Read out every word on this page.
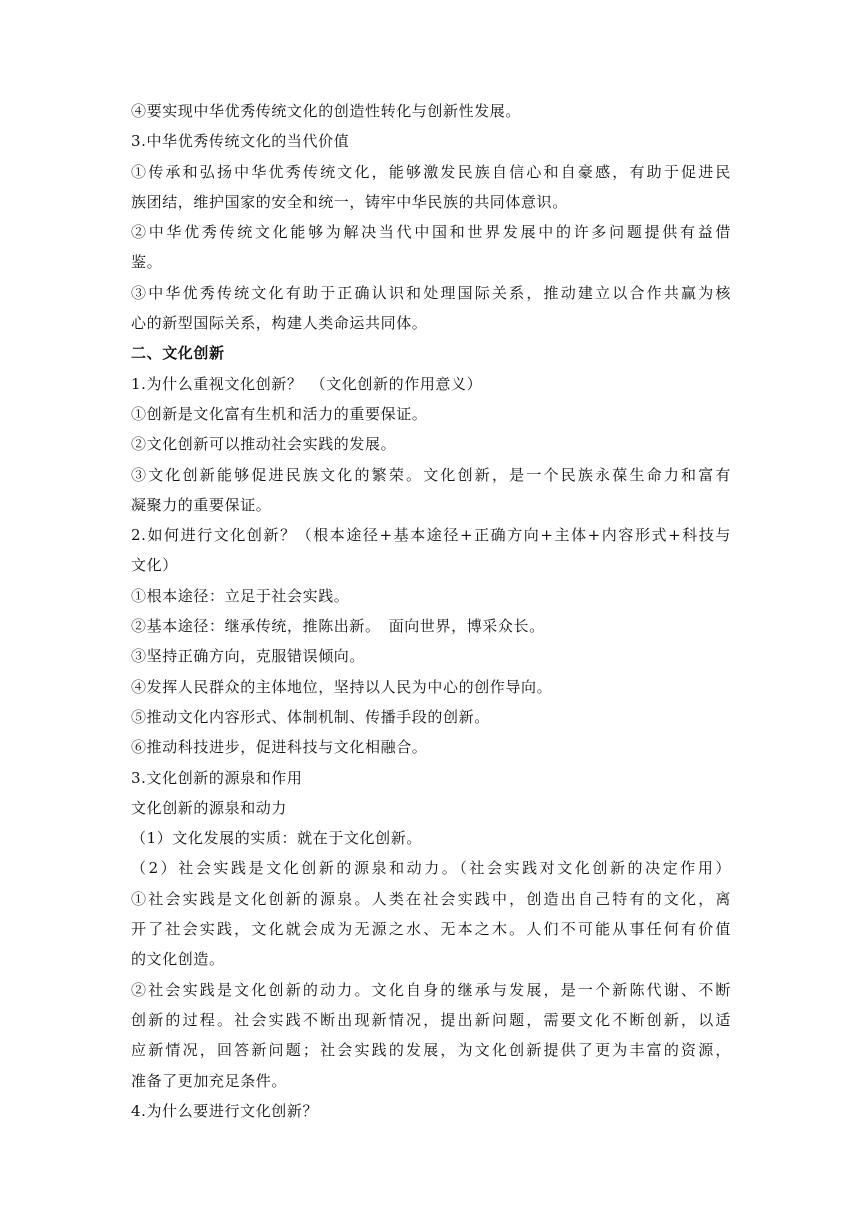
④要实现中华优秀传统文化的创造性转化与创新性发展。
3.中华优秀传统文化的当代价值
①传承和弘扬中华优秀传统文化，能够激发民族自信心和自豪感，有助于促进民
族团结，维护国家的安全和统一，铸牢中华民族的共同体意识。
②中华优秀传统文化能够为解决当代中国和世界发展中的许多问题提供有益借
鉴。
③中华优秀传统文化有助于正确认识和处理国际关系，推动建立以合作共赢为核
心的新型国际关系，构建人类命运共同体。
二、文化创新
1.为什么重视文化创新？　（文化创新的作用意义）
①创新是文化富有生机和活力的重要保证。
②文化创新可以推动社会实践的发展。
③文化创新能够促进民族文化的繁荣。文化创新，是一个民族永葆生命力和富有
凝聚力的重要保证。
2.如何进行文化创新？（根本途径+基本途径+正确方向+主体+内容形式+科技与
文化）
①根本途径：立足于社会实践。
②基本途径：继承传统，推陈出新。　面向世界，博采众长。
③坚持正确方向，克服错误倾向。
④发挥人民群众的主体地位，坚持以人民为中心的创作导向。
⑤推动文化内容形式、体制机制、传播手段的创新。
⑥推动科技进步，促进科技与文化相融合。
3.文化创新的源泉和作用
文化创新的源泉和动力
（1）文化发展的实质：就在于文化创新。
（2）社会实践是文化创新的源泉和动力。（社会实践对文化创新的决定作用）
①社会实践是文化创新的源泉。人类在社会实践中，创造出自己特有的文化，离
开了社会实践，文化就会成为无源之水、无本之木。人们不可能从事任何有价值
的文化创造。
②社会实践是文化创新的动力。文化自身的继承与发展，是一个新陈代谢、不断
创新的过程。社会实践不断出现新情况，提出新问题，需要文化不断创新，以适
应新情况，回答新问题；社会实践的发展，为文化创新提供了更为丰富的资源，
准备了更加充足条件。
4.为什么要进行文化创新？
